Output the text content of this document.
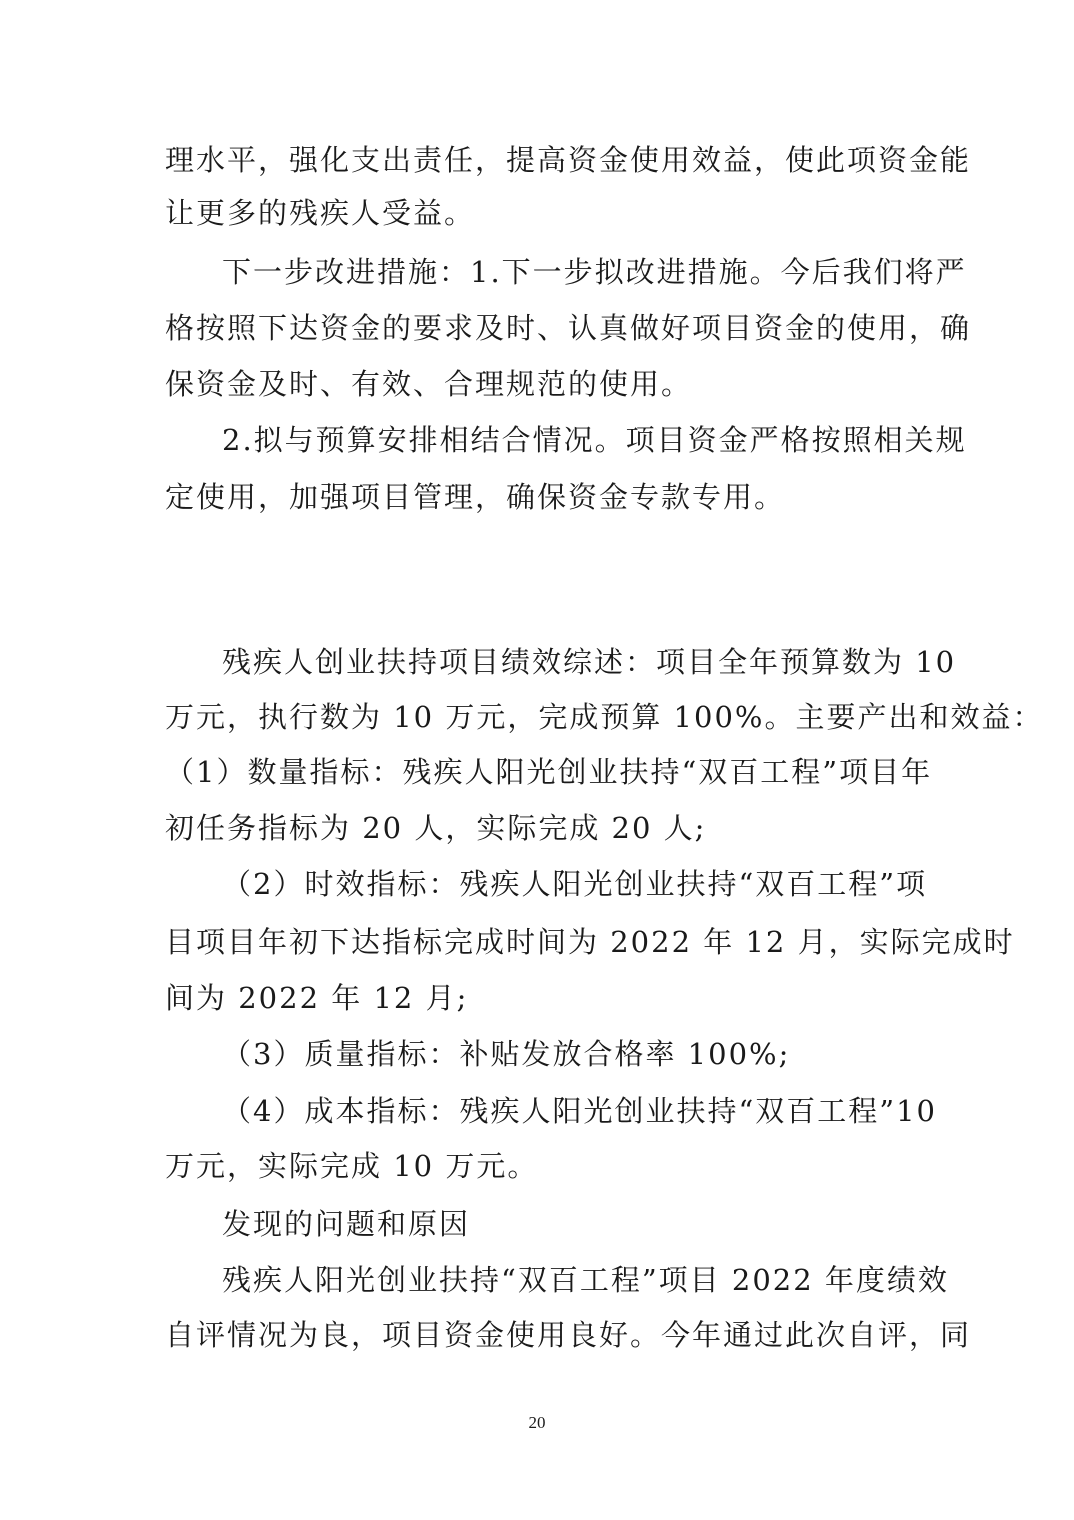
理水平，强化支出责任，提高资金使用效益，使此项资金能
让更多的残疾人受益。
下一步改进措施：1.下一步拟改进措施。今后我们将严
格按照下达资金的要求及时、认真做好项目资金的使用，确
保资金及时、有效、合理规范的使用。
2.拟与预算安排相结合情况。项目资金严格按照相关规
定使用，加强项目管理，确保资金专款专用。
残疾人创业扶持项目绩效综述：项目全年预算数为 10
万元，执行数为 10 万元，完成预算 100%。主要产出和效益：
（1）数量指标：残疾人阳光创业扶持“双百工程”项目年
初任务指标为 20 人，实际完成 20 人;
（2）时效指标：残疾人阳光创业扶持“双百工程”项
目项目年初下达指标完成时间为 2022 年 12 月，实际完成时
间为 2022 年 12 月;
（3）质量指标：补贴发放合格率 100%;
（4）成本指标：残疾人阳光创业扶持“双百工程”10
万元，实际完成 10 万元。
发现的问题和原因
残疾人阳光创业扶持“双百工程”项目 2022 年度绩效
自评情况为良，项目资金使用良好。今年通过此次自评，同
20
